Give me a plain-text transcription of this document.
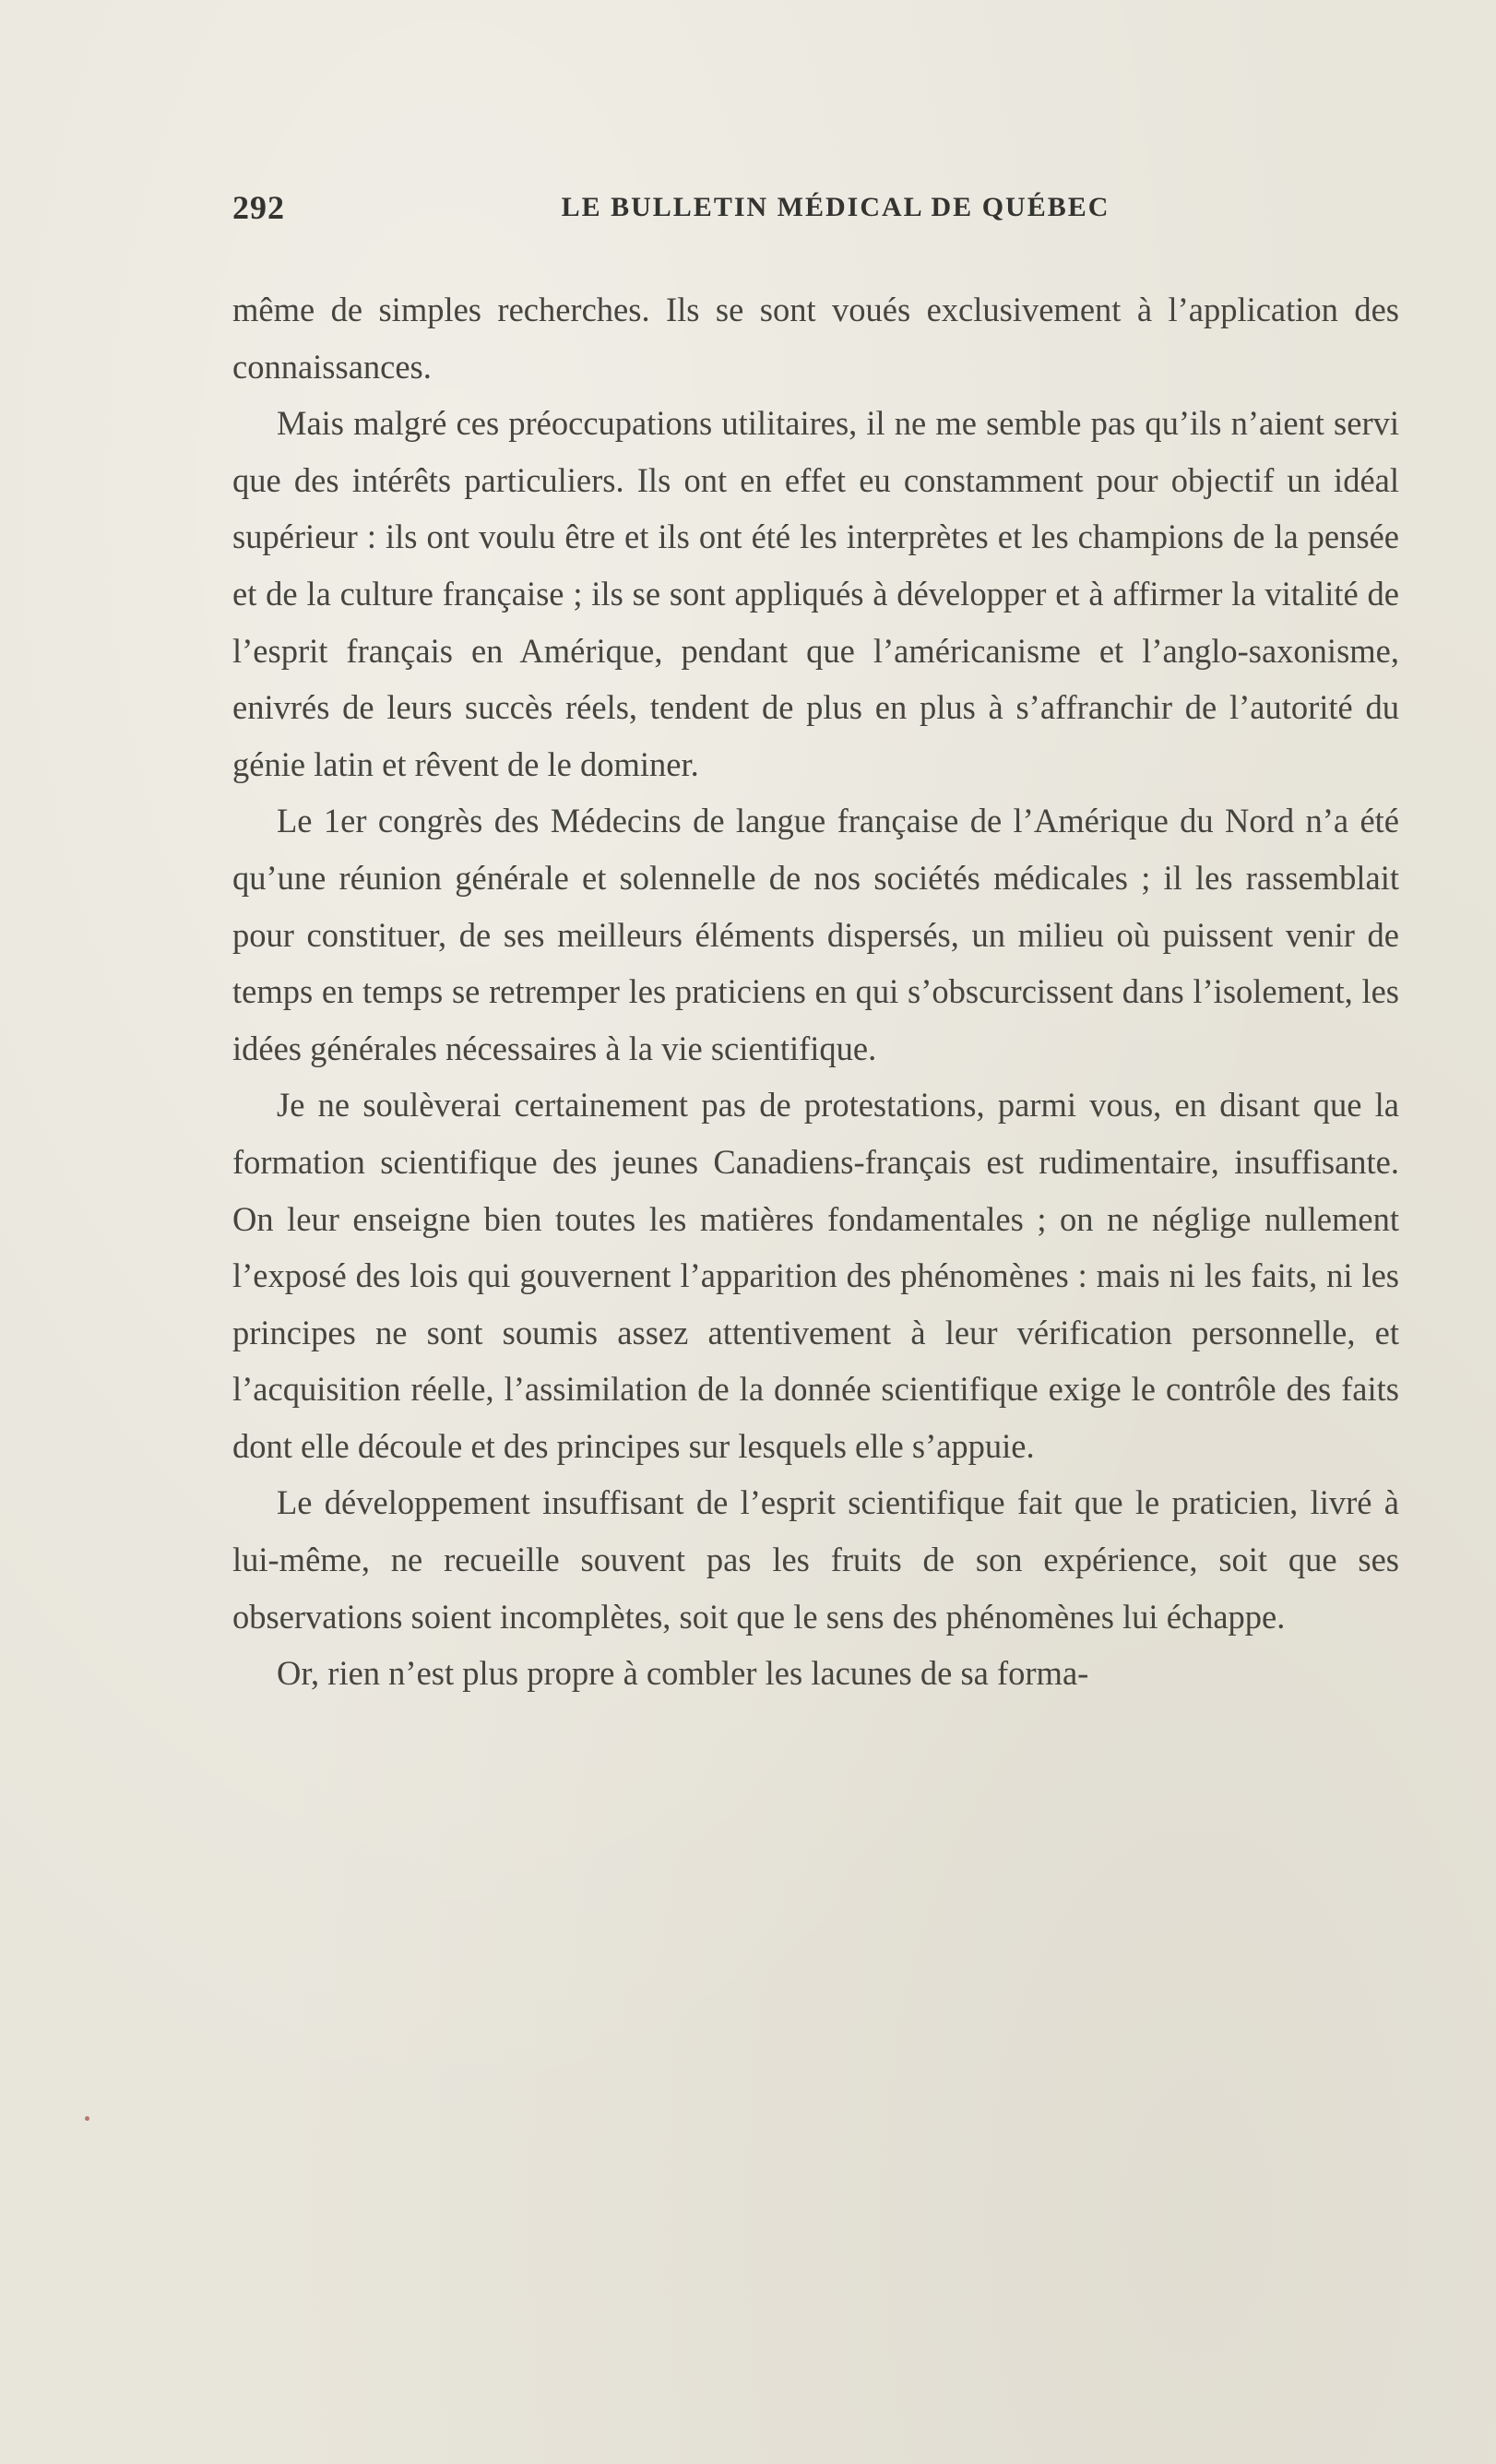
292	LE BULLETIN MÉDICAL DE QUÉBEC

même de simples recherches. Ils se sont voués exclusivement à l’application des connaissances.

Mais malgré ces préoccupations utilitaires, il ne me semble pas qu’ils n’aient servi que des intérêts particuliers. Ils ont en effet eu constamment pour objectif un idéal supérieur : ils ont voulu être et ils ont été les interprètes et les champions de la pensée et de la culture française ; ils se sont appliqués à développer et à affirmer la vitalité de l’esprit français en Amérique, pendant que l’américanisme et l’anglo-saxonisme, enivrés de leurs succès réels, tendent de plus en plus à s’affranchir de l’autorité du génie latin et rêvent de le dominer.

Le 1er congrès des Médecins de langue française de l’Amérique du Nord n’a été qu’une réunion générale et solennelle de nos sociétés médicales ; il les rassemblait pour constituer, de ses meilleurs éléments dispersés, un milieu où puissent venir de temps en temps se retremper les praticiens en qui s’obscurcissent dans l’isolement, les idées générales nécessaires à la vie scientifique.

Je ne soulèverai certainement pas de protestations, parmi vous, en disant que la formation scientifique des jeunes Canadiens-français est rudimentaire, insuffisante. On leur enseigne bien toutes les matières fondamentales ; on ne néglige nullement l’exposé des lois qui gouvernent l’apparition des phénomènes : mais ni les faits, ni les principes ne sont soumis assez attentivement à leur vérification personnelle, et l’acquisition réelle, l’assimilation de la donnée scientifique exige le contrôle des faits dont elle découle et des principes sur lesquels elle s’appuie.

Le développement insuffisant de l’esprit scientifique fait que le praticien, livré à lui-même, ne recueille souvent pas les fruits de son expérience, soit que ses observations soient incomplètes, soit que le sens des phénomènes lui échappe.

Or, rien n’est plus propre à combler les lacunes de sa forma-
